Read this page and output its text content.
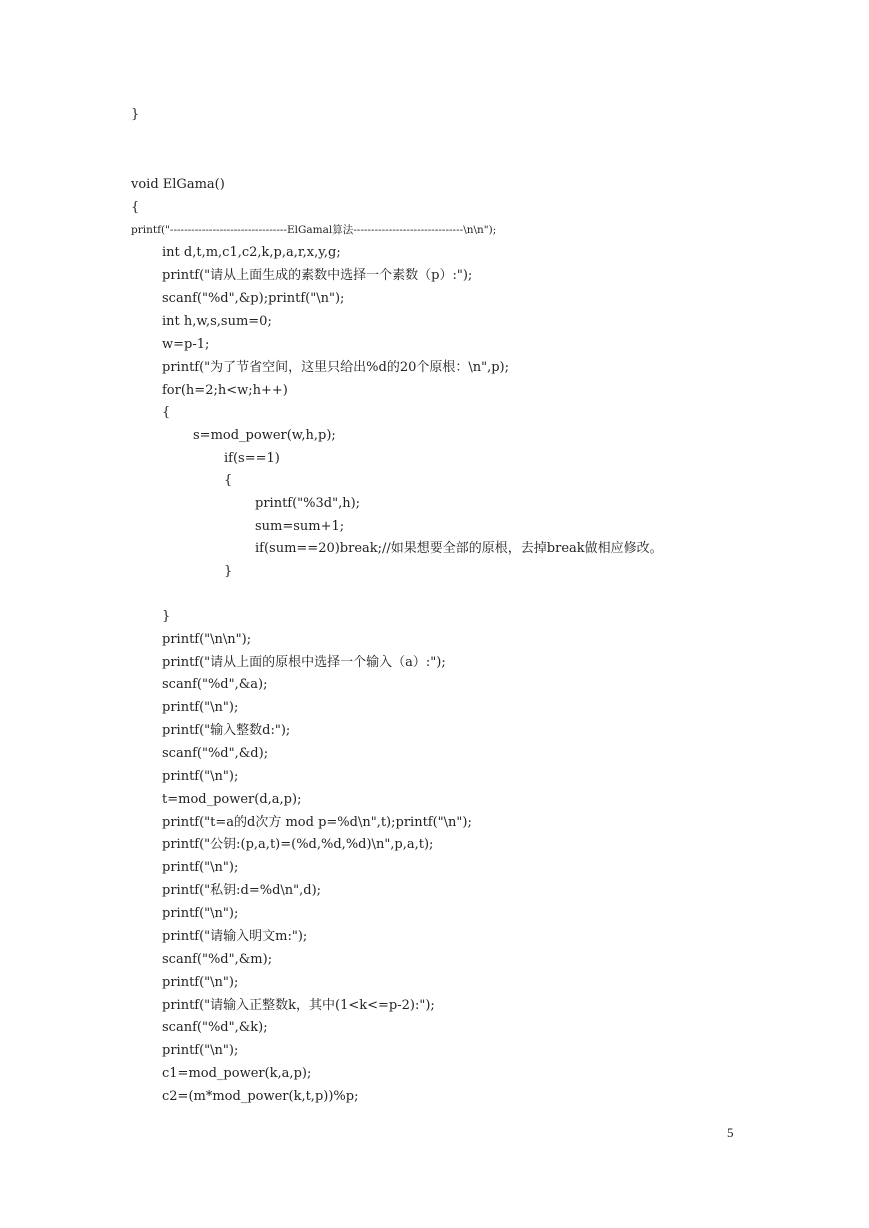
}
void ElGama()
{
printf("---------------------------------ElGamal算法-------------------------------\n\n");
int d,t,m,c1,c2,k,p,a,r,x,y,g;
printf("请从上面生成的素数中选择一个素数（p）:");
scanf("%d",&p);printf("\n");
int h,w,s,sum=0;
w=p-1;
printf("为了节省空间，这里只给出%d的20个原根：\n",p);
for(h=2;h<w;h++)
{
s=mod_power(w,h,p);
if(s==1)
{
printf("%3d",h);
sum=sum+1;
if(sum==20)break;//如果想要全部的原根，去掉break做相应修改。
}
}
printf("\n\n");
printf("请从上面的原根中选择一个输入（a）:");
scanf("%d",&a);
printf("\n");
printf("输入整数d:");
scanf("%d",&d);
printf("\n");
t=mod_power(d,a,p);
printf("t=a的d次方 mod p=%d\n",t);printf("\n");
printf("公钥:(p,a,t)=(%d,%d,%d)\n",p,a,t);
printf("\n");
printf("私钥:d=%d\n",d);
printf("\n");
printf("请输入明文m:");
scanf("%d",&m);
printf("\n");
printf("请输入正整数k，其中(1<k<=p-2):");
scanf("%d",&k);
printf("\n");
c1=mod_power(k,a,p);
c2=(m*mod_power(k,t,p))%p;
5
